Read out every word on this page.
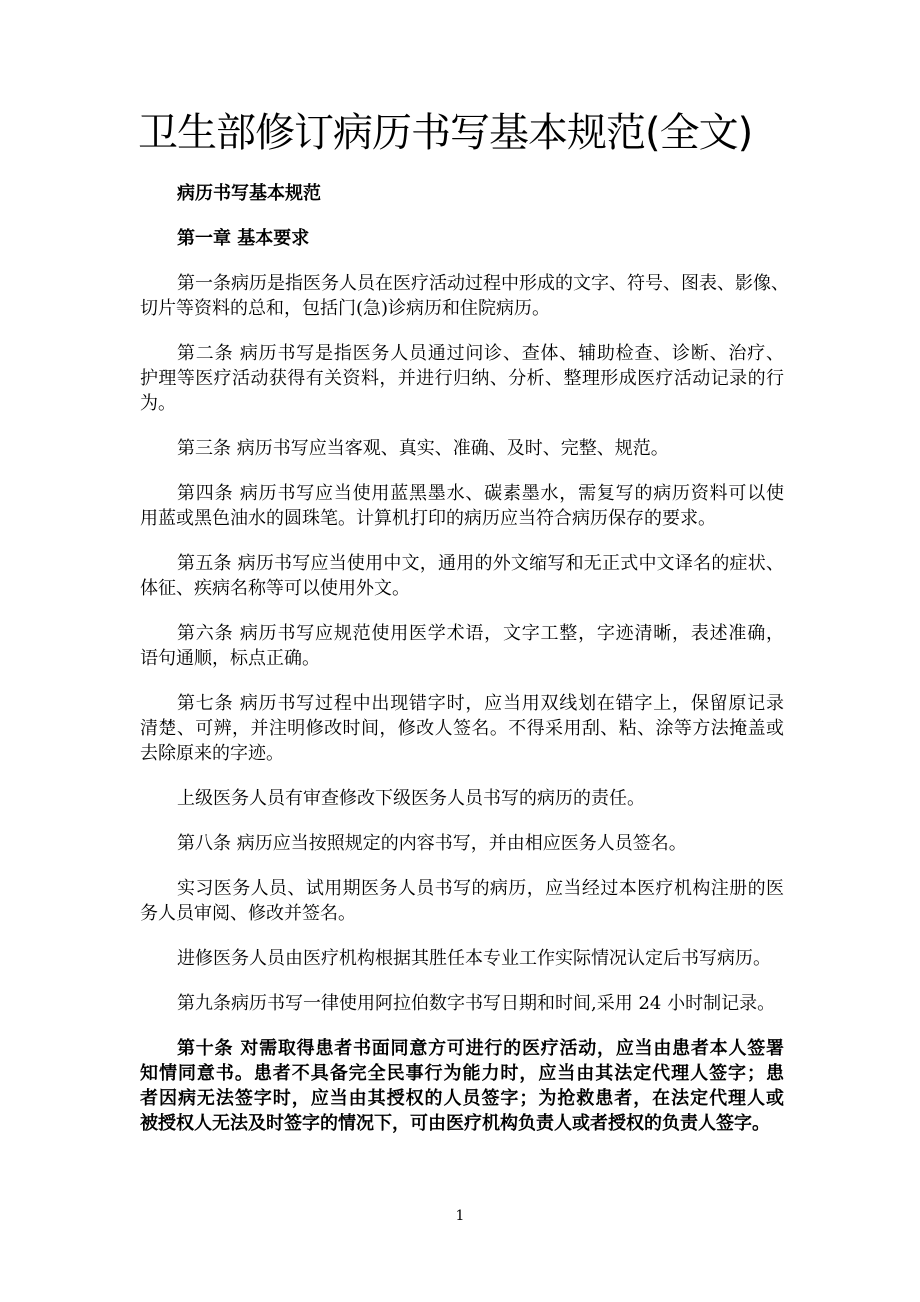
卫生部修订病历书写基本规范(全文)
病历书写基本规范
第一章 基本要求
第一条病历是指医务人员在医疗活动过程中形成的文字、符号、图表、影像、
切片等资料的总和，包括门(急)诊病历和住院病历。
第二条 病历书写是指医务人员通过问诊、查体、辅助检查、诊断、治疗、
护理等医疗活动获得有关资料，并进行归纳、分析、整理形成医疗活动记录的行
为。
第三条 病历书写应当客观、真实、准确、及时、完整、规范。
第四条 病历书写应当使用蓝黑墨水、碳素墨水，需复写的病历资料可以使
用蓝或黑色油水的圆珠笔。计算机打印的病历应当符合病历保存的要求。
第五条 病历书写应当使用中文，通用的外文缩写和无正式中文译名的症状、
体征、疾病名称等可以使用外文。
第六条 病历书写应规范使用医学术语，文字工整，字迹清晰，表述准确，
语句通顺，标点正确。
第七条 病历书写过程中出现错字时，应当用双线划在错字上，保留原记录
清楚、可辨，并注明修改时间，修改人签名。不得采用刮、粘、涂等方法掩盖或
去除原来的字迹。
上级医务人员有审查修改下级医务人员书写的病历的责任。
第八条 病历应当按照规定的内容书写，并由相应医务人员签名。
实习医务人员、试用期医务人员书写的病历，应当经过本医疗机构注册的医
务人员审阅、修改并签名。
进修医务人员由医疗机构根据其胜任本专业工作实际情况认定后书写病历。
第九条病历书写一律使用阿拉伯数字书写日期和时间,采用 24 小时制记录。
第十条 对需取得患者书面同意方可进行的医疗活动，应当由患者本人签署
知情同意书。患者不具备完全民事行为能力时，应当由其法定代理人签字；患
者因病无法签字时，应当由其授权的人员签字；为抢救患者，在法定代理人或
被授权人无法及时签字的情况下，可由医疗机构负责人或者授权的负责人签字。
1
